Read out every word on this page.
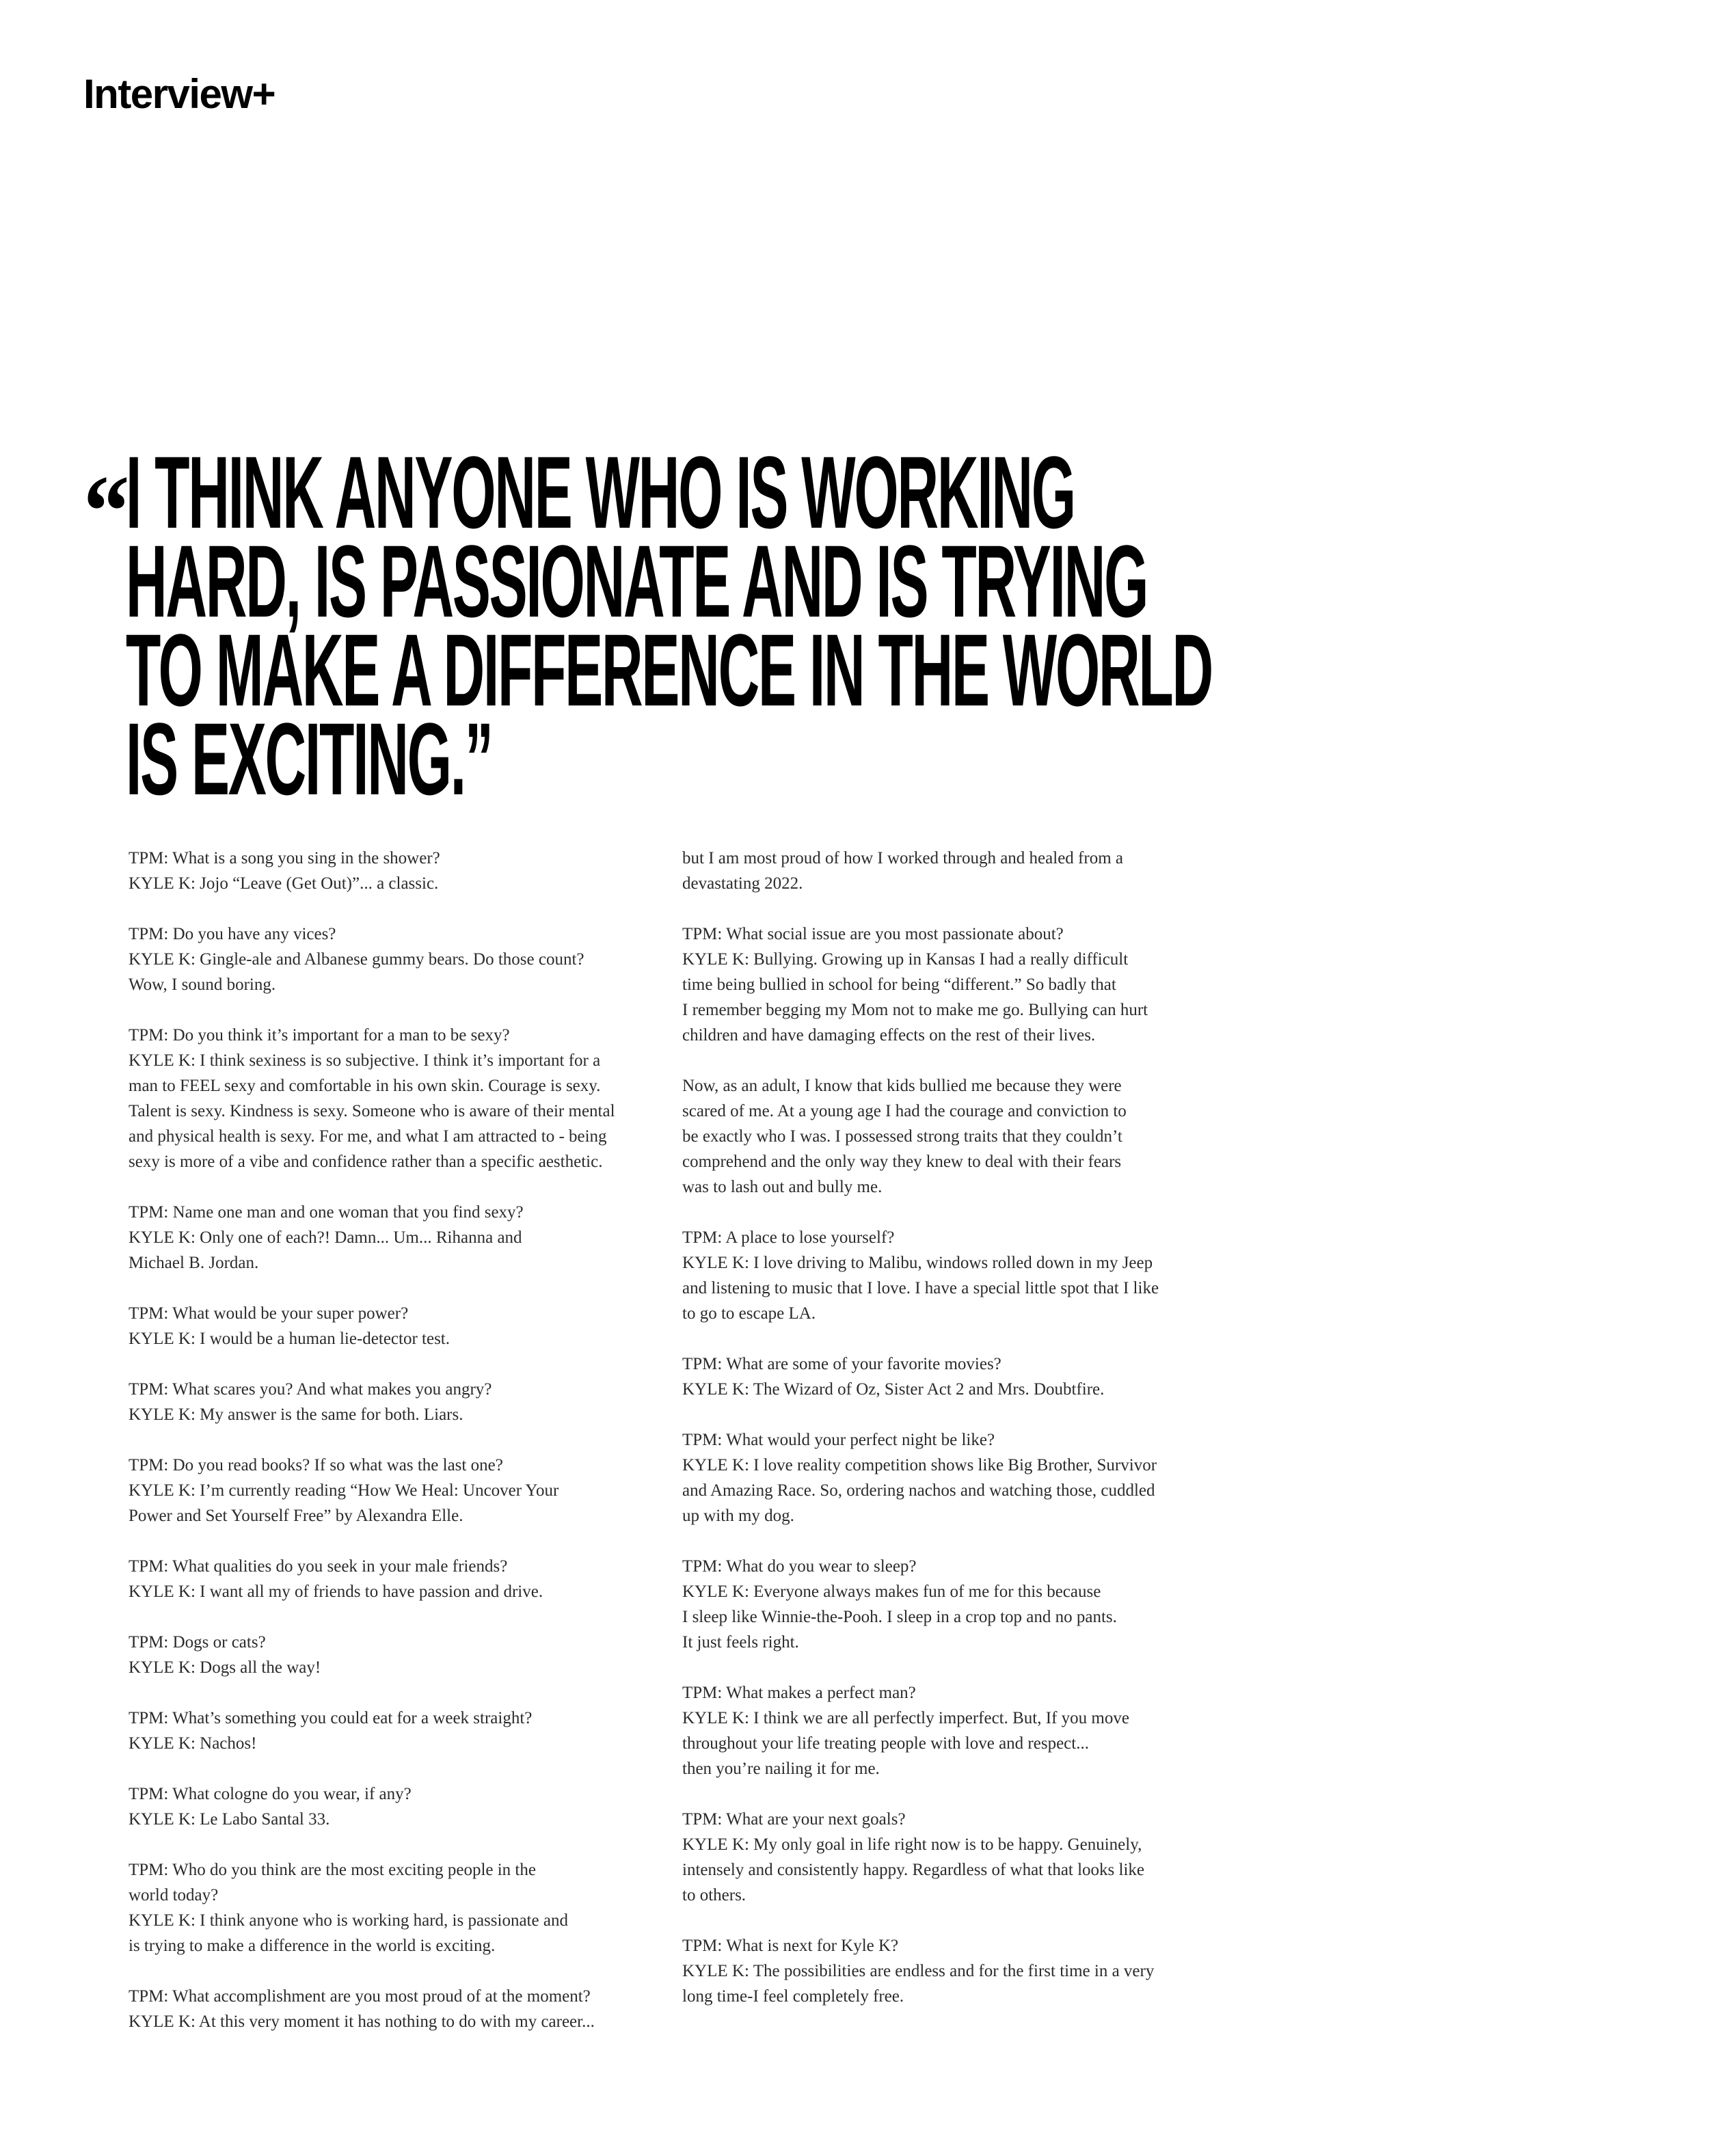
Interview+
“
I THINK ANYONE WHO IS WORKING
HARD, IS PASSIONATE AND IS TRYING
TO MAKE A DIFFERENCE IN THE WORLD
IS EXCITING.”

TPM: What is a song you sing in the shower?
KYLE K: Jojo “Leave (Get Out)”... a classic.

TPM: Do you have any vices?
KYLE K: Gingle-ale and Albanese gummy bears. Do those count?
Wow, I sound boring.

TPM: Do you think it’s important for a man to be sexy?
KYLE K: I think sexiness is so subjective. I think it’s important for a
man to FEEL sexy and comfortable in his own skin. Courage is sexy.
Talent is sexy. Kindness is sexy. Someone who is aware of their mental
and physical health is sexy. For me, and what I am attracted to - being
sexy is more of a vibe and confidence rather than a specific aesthetic.

TPM: Name one man and one woman that you find sexy?
KYLE K: Only one of each?! Damn... Um... Rihanna and
Michael B. Jordan.

TPM: What would be your super power?
KYLE K: I would be a human lie-detector test.

TPM: What scares you? And what makes you angry?
KYLE K: My answer is the same for both. Liars.

TPM: Do you read books? If so what was the last one?
KYLE K: I’m currently reading “How We Heal: Uncover Your
Power and Set Yourself Free” by Alexandra Elle.

TPM: What qualities do you seek in your male friends?
KYLE K: I want all my of friends to have passion and drive.

TPM: Dogs or cats?
KYLE K: Dogs all the way!

TPM: What’s something you could eat for a week straight?
KYLE K: Nachos!

TPM: What cologne do you wear, if any?
KYLE K: Le Labo Santal 33.

TPM: Who do you think are the most exciting people in the
world today?
KYLE K: I think anyone who is working hard, is passionate and
is trying to make a difference in the world is exciting.

TPM: What accomplishment are you most proud of at the moment?
KYLE K: At this very moment it has nothing to do with my career...

but I am most proud of how I worked through and healed from a
devastating 2022.

TPM: What social issue are you most passionate about?
KYLE K: Bullying. Growing up in Kansas I had a really difficult
time being bullied in school for being “different.” So badly that
I remember begging my Mom not to make me go. Bullying can hurt
children and have damaging effects on the rest of their lives.

Now, as an adult, I know that kids bullied me because they were
scared of me. At a young age I had the courage and conviction to
be exactly who I was. I possessed strong traits that they couldn’t
comprehend and the only way they knew to deal with their fears
was to lash out and bully me.

TPM: A place to lose yourself?
KYLE K: I love driving to Malibu, windows rolled down in my Jeep
and listening to music that I love. I have a special little spot that I like
to go to escape LA.

TPM: What are some of your favorite movies?
KYLE K: The Wizard of Oz, Sister Act 2 and Mrs. Doubtfire.

TPM: What would your perfect night be like?
KYLE K: I love reality competition shows like Big Brother, Survivor
and Amazing Race. So, ordering nachos and watching those, cuddled
up with my dog.

TPM: What do you wear to sleep?
KYLE K: Everyone always makes fun of me for this because
I sleep like Winnie-the-Pooh. I sleep in a crop top and no pants.
It just feels right.

TPM: What makes a perfect man?
KYLE K: I think we are all perfectly imperfect. But, If you move
throughout your life treating people with love and respect...
then you’re nailing it for me.

TPM: What are your next goals?
KYLE K: My only goal in life right now is to be happy. Genuinely,
intensely and consistently happy. Regardless of what that looks like
to others.

TPM: What is next for Kyle K?
KYLE K: The possibilities are endless and for the first time in a very
long time-I feel completely free.
